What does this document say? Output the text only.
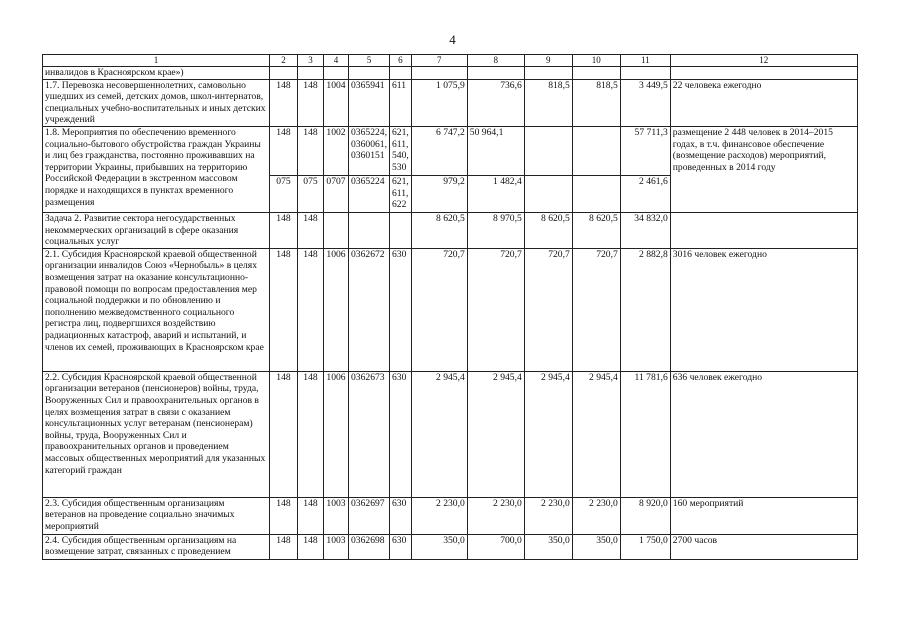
4
1	2	3	4	5	6	7	8	9	10	11	12
инвалидов в Красноярском крае»)											
1.7. Перевозка несовершеннолетних, самовольно ушедших из семей, детских домов, школ-интернатов, специальных учебно-воспитательных и иных детских учреждений	148	148	1004	0365941	611	1 075,9	736,6	818,5	818,5	3 449,5	22 человека ежегодно
1.8. Мероприятия по обеспечению временного социально-бытового обустройства граждан Украины и лиц без гражданства, постоянно проживавших на территории Украины, прибывших на территорию Российской Федерации в экстренном массовом порядке и находящихся в пунктах временного размещения	148	148	1002	0365224, 0360061, 0360151	621, 611, 540, 530	6 747,2	50 964,1			57 711,3	размещение 2 448 человек в 2014–2015 годах, в т.ч. финансовое обеспечение (возмещение расходов) мероприятий, проведенных в 2014 году
	075	075	0707	0365224	621, 611, 622	979,2	1 482,4			2 461,6	
Задача 2. Развитие сектора негосударственных некоммерческих организаций в сфере оказания социальных услуг	148	148				8 620,5	8 970,5	8 620,5	8 620,5	34 832,0	
2.1. Субсидия Красноярской краевой общественной организации инвалидов Союз «Чернобыль» в целях возмещения затрат на оказание консультационно-правовой помощи по вопросам предоставления мер социальной поддержки и по обновлению и пополнению межведомственного социального регистра лиц, подвергшихся воздействию радиационных катастроф, аварий и испытаний, и членов их семей, проживающих в Красноярском крае	148	148	1006	0362672	630	720,7	720,7	720,7	720,7	2 882,8	3016 человек ежегодно
2.2. Субсидия Красноярской краевой общественной организации ветеранов (пенсионеров) войны, труда, Вооруженных Сил и правоохранительных органов в целях возмещения затрат в связи с оказанием консультационных услуг ветеранам (пенсионерам) войны, труда, Вооруженных Сил и правоохранительных органов и проведением массовых общественных мероприятий для указанных категорий граждан	148	148	1006	0362673	630	2 945,4	2 945,4	2 945,4	2 945,4	11 781,6	636 человек ежегодно
2.3. Субсидия общественным организациям ветеранов на проведение социально значимых мероприятий	148	148	1003	0362697	630	2 230,0	2 230,0	2 230,0	2 230,0	8 920,0	160 мероприятий
2.4. Субсидия общественным организациям на возмещение затрат, связанных с проведением	148	148	1003	0362698	630	350,0	700,0	350,0	350,0	1 750,0	2700 часов
